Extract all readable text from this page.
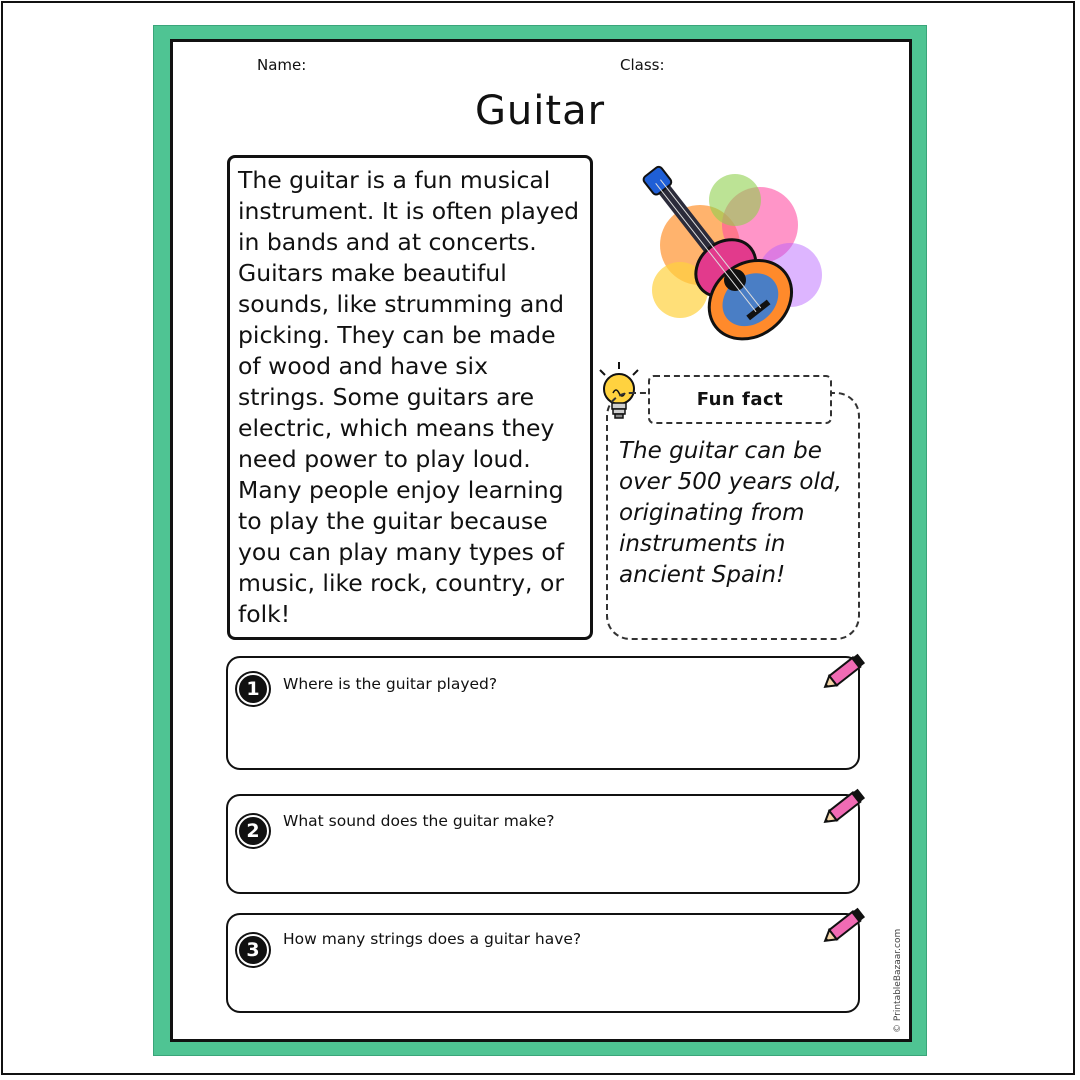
Name:	Class:
Guitar
The guitar is a fun musical instrument. It is often played in bands and at concerts. Guitars make beautiful sounds, like strumming and picking. They can be made of wood and have six strings. Some guitars are electric, which means they need power to play loud. Many people enjoy learning to play the guitar because you can play many types of music, like rock, country, or folk!
Fun fact
The guitar can be over 500 years old, originating from instruments in ancient Spain!
1	Where is the guitar played?
2	What sound does the guitar make?
3	How many strings does a guitar have?	© PrintableBazaar.com
